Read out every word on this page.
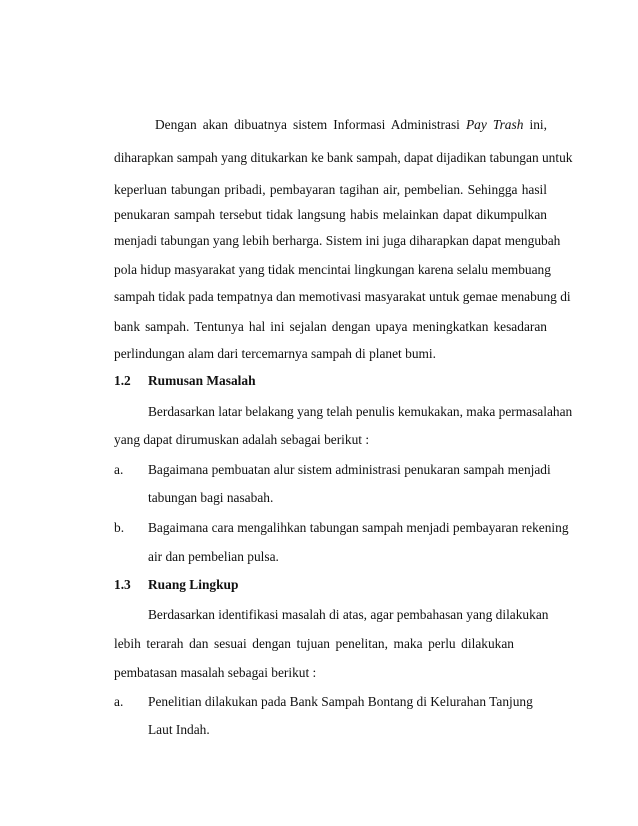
Dengan akan dibuatnya sistem Informasi Administrasi Pay Trash ini,
diharapkan sampah yang ditukarkan ke bank sampah, dapat dijadikan tabungan untuk
keperluan tabungan pribadi, pembayaran tagihan air, pembelian. Sehingga hasil
penukaran sampah tersebut tidak langsung habis melainkan dapat dikumpulkan
menjadi tabungan yang lebih berharga. Sistem ini juga diharapkan dapat mengubah
pola hidup masyarakat yang tidak mencintai lingkungan karena selalu membuang
sampah tidak pada tempatnya dan memotivasi masyarakat untuk gemae menabung di
bank sampah. Tentunya hal ini sejalan dengan upaya meningkatkan kesadaran
perlindungan alam dari tercemarnya sampah di planet bumi.
1.2 Rumusan Masalah
Berdasarkan latar belakang yang telah penulis kemukakan, maka permasalahan
yang dapat dirumuskan adalah sebagai berikut :
a. Bagaimana pembuatan alur sistem administrasi penukaran sampah menjadi
tabungan bagi nasabah.
b. Bagaimana cara mengalihkan tabungan sampah menjadi pembayaran rekening
air dan pembelian pulsa.
1.3 Ruang Lingkup
Berdasarkan identifikasi masalah di atas, agar pembahasan yang dilakukan
lebih terarah dan sesuai dengan tujuan penelitan, maka perlu dilakukan
pembatasan masalah sebagai berikut :
a. Penelitian dilakukan pada Bank Sampah Bontang di Kelurahan Tanjung
Laut Indah.
